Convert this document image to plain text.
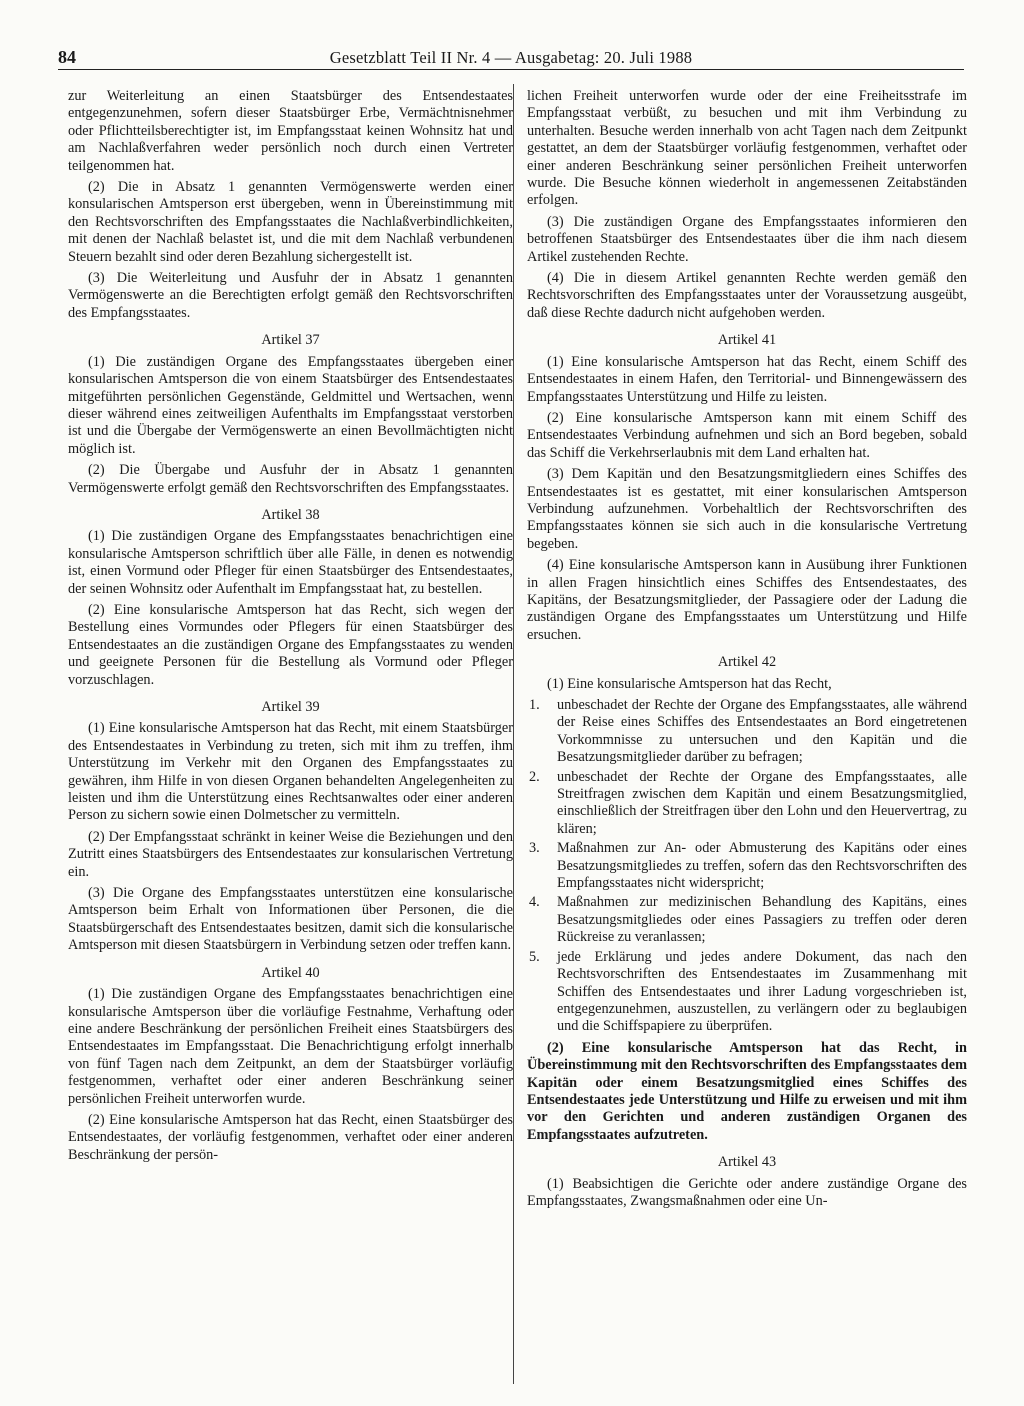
84	Gesetzblatt Teil II Nr. 4 — Ausgabetag: 20. Juli 1988

zur Weiterleitung an einen Staatsbürger des Entsendestaates entgegenzunehmen, sofern dieser Staatsbürger Erbe, Vermächtnisnehmer oder Pflichtteilsberechtigter ist, im Empfangsstaat keinen Wohnsitz hat und am Nachlaßverfahren weder persönlich noch durch einen Vertreter teilgenommen hat.

(2) Die in Absatz 1 genannten Vermögenswerte werden einer konsularischen Amtsperson erst übergeben, wenn in Übereinstimmung mit den Rechtsvorschriften des Empfangsstaates die Nachlaßverbindlichkeiten, mit denen der Nachlaß belastet ist, und die mit dem Nachlaß verbundenen Steuern bezahlt sind oder deren Bezahlung sichergestellt ist.

(3) Die Weiterleitung und Ausfuhr der in Absatz 1 genannten Vermögenswerte an die Berechtigten erfolgt gemäß den Rechtsvorschriften des Empfangsstaates.

Artikel 37

(1) Die zuständigen Organe des Empfangsstaates übergeben einer konsularischen Amtsperson die von einem Staatsbürger des Entsendestaates mitgeführten persönlichen Gegenstände, Geldmittel und Wertsachen, wenn dieser während eines zeitweiligen Aufenthalts im Empfangsstaat verstorben ist und die Übergabe der Vermögenswerte an einen Bevollmächtigten nicht möglich ist.

(2) Die Übergabe und Ausfuhr der in Absatz 1 genannten Vermögenswerte erfolgt gemäß den Rechtsvorschriften des Empfangsstaates.

Artikel 38

(1) Die zuständigen Organe des Empfangsstaates benachrichtigen eine konsularische Amtsperson schriftlich über alle Fälle, in denen es notwendig ist, einen Vormund oder Pfleger für einen Staatsbürger des Entsendestaates, der seinen Wohnsitz oder Aufenthalt im Empfangsstaat hat, zu bestellen.

(2) Eine konsularische Amtsperson hat das Recht, sich wegen der Bestellung eines Vormundes oder Pflegers für einen Staatsbürger des Entsendestaates an die zuständigen Organe des Empfangsstaates zu wenden und geeignete Personen für die Bestellung als Vormund oder Pfleger vorzuschlagen.

Artikel 39

(1) Eine konsularische Amtsperson hat das Recht, mit einem Staatsbürger des Entsendestaates in Verbindung zu treten, sich mit ihm zu treffen, ihm Unterstützung im Verkehr mit den Organen des Empfangsstaates zu gewähren, ihm Hilfe in von diesen Organen behandelten Angelegenheiten zu leisten und ihm die Unterstützung eines Rechtsanwaltes oder einer anderen Person zu sichern sowie einen Dolmetscher zu vermitteln.

(2) Der Empfangsstaat schränkt in keiner Weise die Beziehungen und den Zutritt eines Staatsbürgers des Entsendestaates zur konsularischen Vertretung ein.

(3) Die Organe des Empfangsstaates unterstützen eine konsularische Amtsperson beim Erhalt von Informationen über Personen, die die Staatsbürgerschaft des Entsendestaates besitzen, damit sich die konsularische Amtsperson mit diesen Staatsbürgern in Verbindung setzen oder treffen kann.

Artikel 40

(1) Die zuständigen Organe des Empfangsstaates benachrichtigen eine konsularische Amtsperson über die vorläufige Festnahme, Verhaftung oder eine andere Beschränkung der persönlichen Freiheit eines Staatsbürgers des Entsendestaates im Empfangsstaat. Die Benachrichtigung erfolgt innerhalb von fünf Tagen nach dem Zeitpunkt, an dem der Staatsbürger vorläufig festgenommen, verhaftet oder einer anderen Beschränkung seiner persönlichen Freiheit unterworfen wurde.

(2) Eine konsularische Amtsperson hat das Recht, einen Staatsbürger des Entsendestaates, der vorläufig festgenommen, verhaftet oder einer anderen Beschränkung der persön-

lichen Freiheit unterworfen wurde oder der eine Freiheitsstrafe im Empfangsstaat verbüßt, zu besuchen und mit ihm Verbindung zu unterhalten. Besuche werden innerhalb von acht Tagen nach dem Zeitpunkt gestattet, an dem der Staatsbürger vorläufig festgenommen, verhaftet oder einer anderen Beschränkung seiner persönlichen Freiheit unterworfen wurde. Die Besuche können wiederholt in angemessenen Zeitabständen erfolgen.

(3) Die zuständigen Organe des Empfangsstaates informieren den betroffenen Staatsbürger des Entsendestaates über die ihm nach diesem Artikel zustehenden Rechte.

(4) Die in diesem Artikel genannten Rechte werden gemäß den Rechtsvorschriften des Empfangsstaates unter der Voraussetzung ausgeübt, daß diese Rechte dadurch nicht aufgehoben werden.

Artikel 41

(1) Eine konsularische Amtsperson hat das Recht, einem Schiff des Entsendestaates in einem Hafen, den Territorial- und Binnengewässern des Empfangsstaates Unterstützung und Hilfe zu leisten.

(2) Eine konsularische Amtsperson kann mit einem Schiff des Entsendestaates Verbindung aufnehmen und sich an Bord begeben, sobald das Schiff die Verkehrserlaubnis mit dem Land erhalten hat.

(3) Dem Kapitän und den Besatzungsmitgliedern eines Schiffes des Entsendestaates ist es gestattet, mit einer konsularischen Amtsperson Verbindung aufzunehmen. Vorbehaltlich der Rechtsvorschriften des Empfangsstaates können sie sich auch in die konsularische Vertretung begeben.

(4) Eine konsularische Amtsperson kann in Ausübung ihrer Funktionen in allen Fragen hinsichtlich eines Schiffes des Entsendestaates, des Kapitäns, der Besatzungsmitglieder, der Passagiere oder der Ladung die zuständigen Organe des Empfangsstaates um Unterstützung und Hilfe ersuchen.

Artikel 42

(1) Eine konsularische Amtsperson hat das Recht,

1. unbeschadet der Rechte der Organe des Empfangsstaates, alle während der Reise eines Schiffes des Entsendestaates an Bord eingetretenen Vorkommnisse zu untersuchen und den Kapitän und die Besatzungsmitglieder darüber zu befragen;
2. unbeschadet der Rechte der Organe des Empfangsstaates, alle Streitfragen zwischen dem Kapitän und einem Besatzungsmitglied, einschließlich der Streitfragen über den Lohn und den Heuervertrag, zu klären;
3. Maßnahmen zur An- oder Abmusterung des Kapitäns oder eines Besatzungsmitgliedes zu treffen, sofern das den Rechtsvorschriften des Empfangsstaates nicht widerspricht;
4. Maßnahmen zur medizinischen Behandlung des Kapitäns, eines Besatzungsmitgliedes oder eines Passagiers zu treffen oder deren Rückreise zu veranlassen;
5. jede Erklärung und jedes andere Dokument, das nach den Rechtsvorschriften des Entsendestaates im Zusammenhang mit Schiffen des Entsendestaates und ihrer Ladung vorgeschrieben ist, entgegenzunehmen, auszustellen, zu verlängern oder zu beglaubigen und die Schiffspapiere zu überprüfen.

(2) Eine konsularische Amtsperson hat das Recht, in Übereinstimmung mit den Rechtsvorschriften des Empfangsstaates dem Kapitän oder einem Besatzungsmitglied eines Schiffes des Entsendestaates jede Unterstützung und Hilfe zu erweisen und mit ihm vor den Gerichten und anderen zuständigen Organen des Empfangsstaates aufzutreten.

Artikel 43

(1) Beabsichtigen die Gerichte oder andere zuständige Organe des Empfangsstaates, Zwangsmaßnahmen oder eine Un-
